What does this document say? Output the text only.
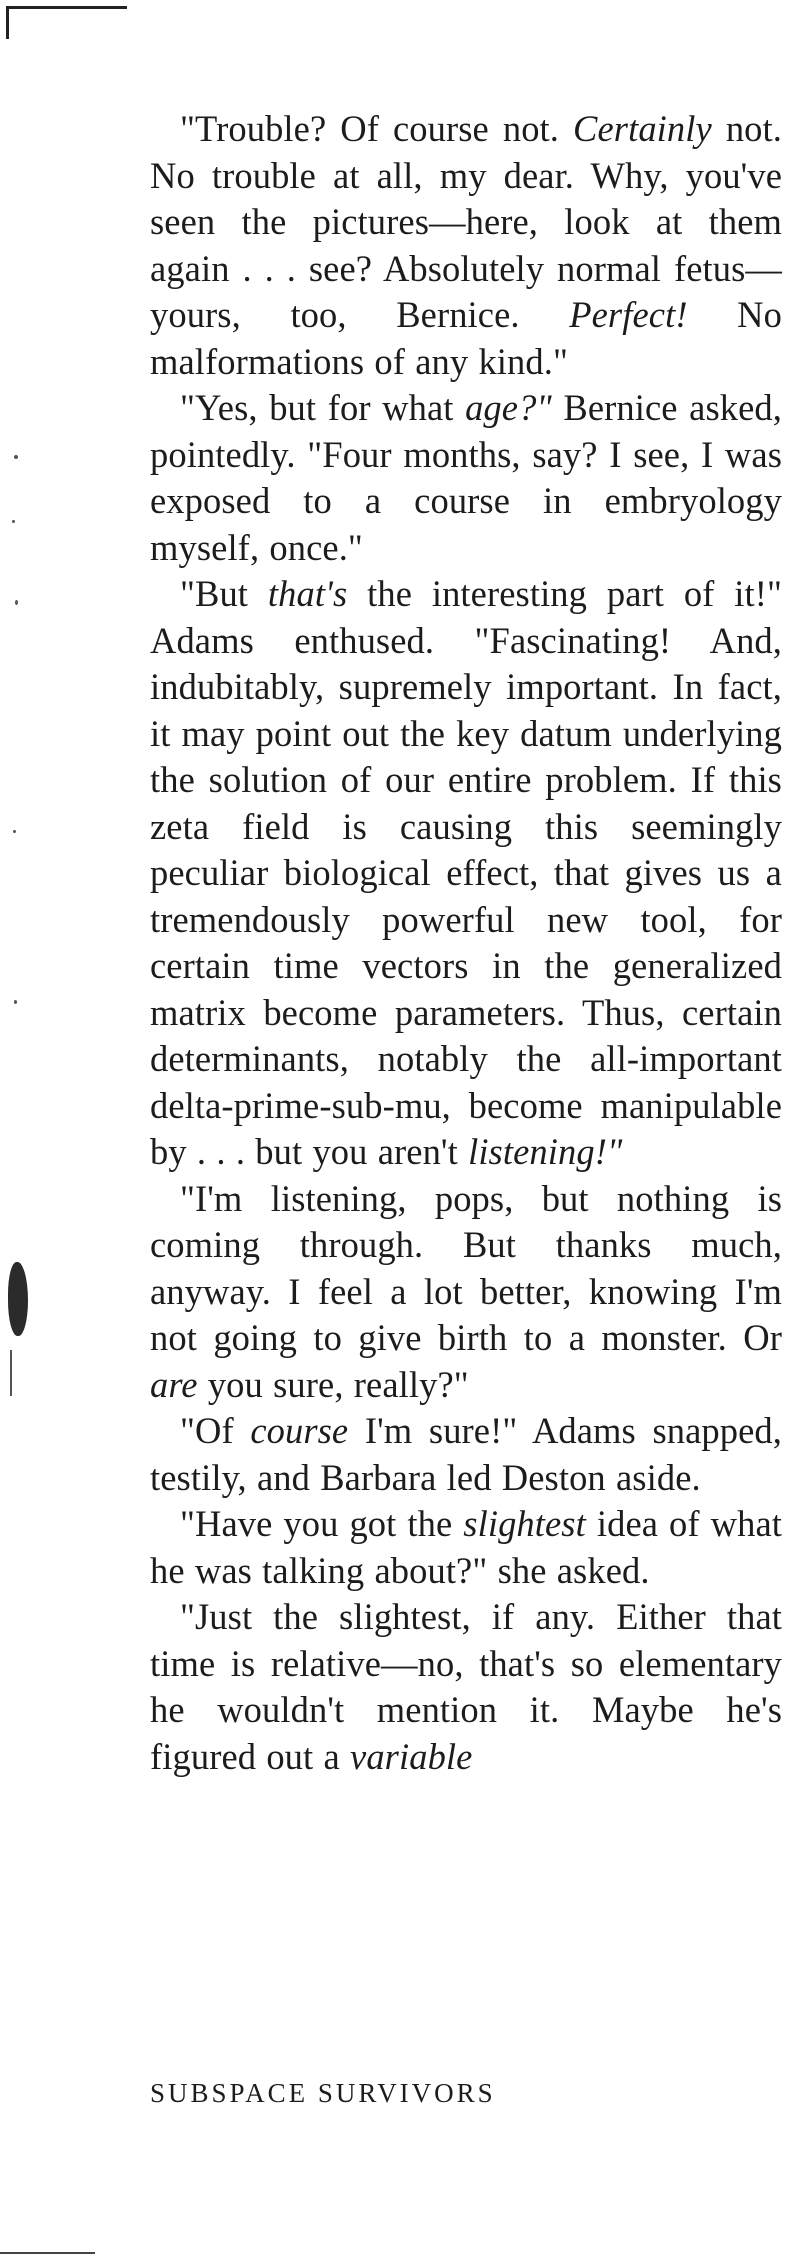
"Trouble? Of course not. Certainly not. No trouble at all, my dear. Why, you've seen the pictures—here, look at them again . . . see? Absolutely normal fetus—yours, too, Bernice. Perfect! No malformations of any kind."

"Yes, but for what age?" Bernice asked, pointedly. "Four months, say? I see, I was exposed to a course in embryology myself, once."

"But that's the interesting part of it!" Adams enthused. "Fascinating! And, indubitably, supremely important. In fact, it may point out the key datum underlying the solution of our entire problem. If this zeta field is causing this seemingly peculiar biological effect, that gives us a tremendously powerful new tool, for certain time vectors in the generalized matrix become parameters. Thus, certain determinants, notably the all-important delta-prime-sub-mu, become manipulable by . . . but you aren't listening!"

"I'm listening, pops, but nothing is coming through. But thanks much, anyway. I feel a lot better, knowing I'm not going to give birth to a monster. Or are you sure, really?"

"Of course I'm sure!" Adams snapped, testily, and Barbara led Deston aside.

"Have you got the slightest idea of what he was talking about?" she asked.

"Just the slightest, if any. Either that time is relative—no, that's so elementary he wouldn't mention it. Maybe he's figured out a variable

SUBSPACE SURVIVORS
